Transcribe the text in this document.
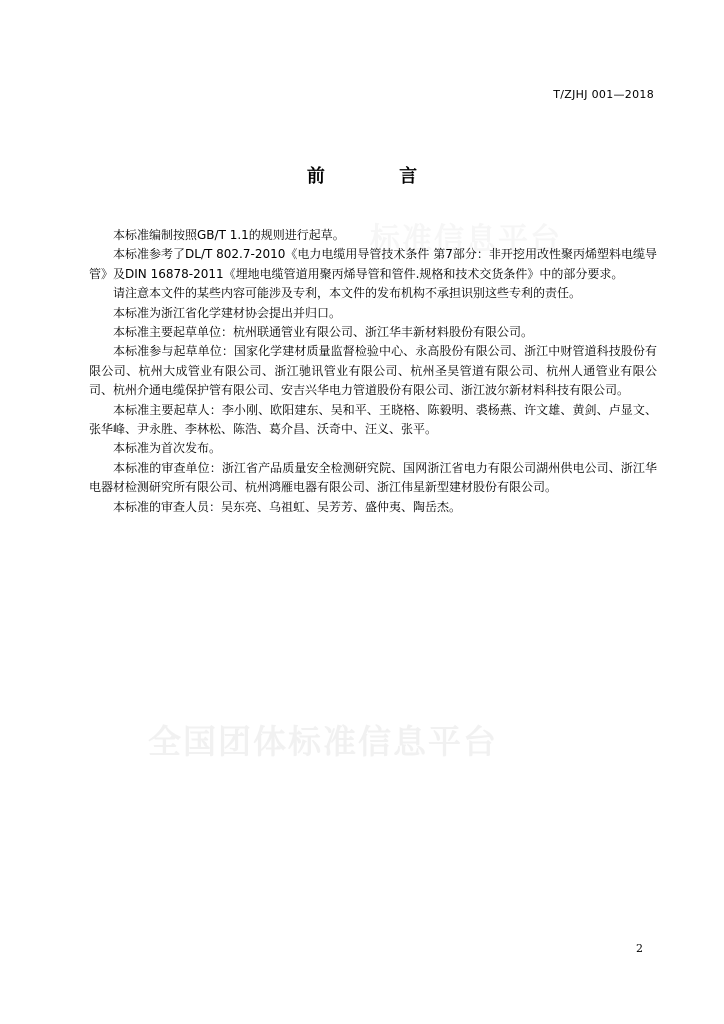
T/ZJHJ 001—2018
标准信息平台
前 言

本标准编制按照GB/T 1.1的规则进行起草。

本标准参考了DL/T 802.7-2010《电力电缆用导管技术条件 第7部分：非开挖用改性聚丙烯塑料电缆导管》及DIN 16878-2011《埋地电缆管道用聚丙烯导管和管件.规格和技术交货条件》中的部分要求。

请注意本文件的某些内容可能涉及专利，本文件的发布机构不承担识别这些专利的责任。

本标准为浙江省化学建材协会提出并归口。

本标准主要起草单位：杭州联通管业有限公司、浙江华丰新材料股份有限公司。

本标准参与起草单位：国家化学建材质量监督检验中心、永高股份有限公司、浙江中财管道科技股份有限公司、杭州大成管业有限公司、浙江驰讯管业有限公司、杭州圣昊管道有限公司、杭州人通管业有限公司、杭州介通电缆保护管有限公司、安吉兴华电力管道股份有限公司、浙江波尔新材料科技有限公司。

本标准主要起草人：李小刚、欧阳建东、吴和平、王晓格、陈毅明、裘杨燕、许文雄、黄剑、卢显文、张华峰、尹永胜、李林松、陈浩、葛介昌、沃奇中、汪义、张平。

本标准为首次发布。

本标准的审查单位：浙江省产品质量安全检测研究院、国网浙江省电力有限公司湖州供电公司、浙江华电器材检测研究所有限公司、杭州鸿雁电器有限公司、浙江伟星新型建材股份有限公司。

本标准的审查人员：吴东亮、乌祖虹、吴芳芳、盛仲夷、陶岳杰。

全国团体标准信息平台
2
